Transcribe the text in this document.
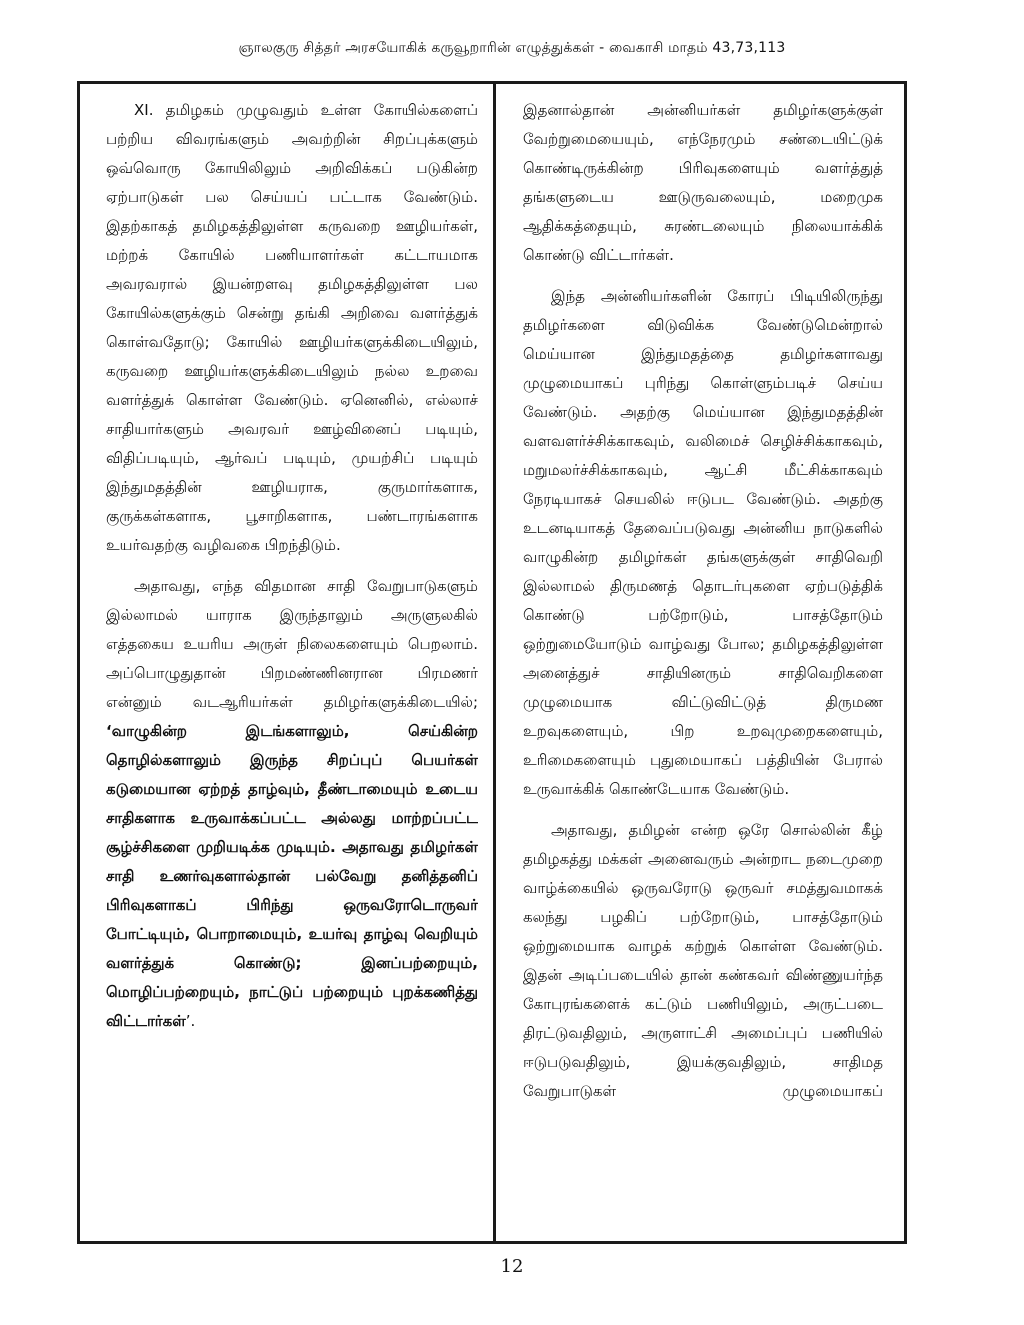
ஞாலகுரு சித்தர் அரசயோகிக் கருவூறாரின் எழுத்துக்கள் - வைகாசி மாதம் 43,73,113

XI. தமிழகம் முழுவதும் உள்ள கோயில்களைப் பற்றிய விவரங்களும் அவற்றின் சிறப்புக்களும் ஒவ்வொரு கோயிலிலும் அறிவிக்கப் படுகின்ற ஏற்பாடுகள் பல செய்யப் பட்டாக வேண்டும். இதற்காகத் தமிழகத்திலுள்ள கருவறை ஊழியர்கள், மற்றக் கோயில் பணியாளர்கள் கட்டாயமாக அவரவரால் இயன்றளவு தமிழகத்திலுள்ள பல கோயில்களுக்கும் சென்று தங்கி அறிவை வளர்த்துக் கொள்வதோடு; கோயில் ஊழியர்களுக்கிடையிலும், கருவறை ஊழியர்களுக்கிடையிலும் நல்ல உறவை வளர்த்துக் கொள்ள வேண்டும். ஏனெனில், எல்லாச் சாதியார்களும் அவரவர் ஊழ்வினைப் படியும், விதிப்படியும், ஆர்வப் படியும், முயற்சிப் படியும் இந்துமதத்தின் ஊழியராக, குருமார்களாக, குருக்கள்களாக, பூசாறிகளாக, பண்டாரங்களாக உயர்வதற்கு வழிவகை பிறந்திடும்.

அதாவது, எந்த விதமான சாதி வேறுபாடுகளும் இல்லாமல் யாராக இருந்தாலும் அருளுலகில் எத்தகைய உயரிய அருள் நிலைகளையும் பெறலாம். அப்பொழுதுதான் பிறமண்ணினரான பிரமணர் என்னும் வடஆரியர்கள் தமிழர்களுக்கிடையில்; ‘வாழுகின்ற இடங்களாலும், செய்கின்ற தொழில்களாலும் இருந்த சிறப்புப் பெயர்கள் கடுமையான ஏற்றத் தாழ்வும், தீண்டாமையும் உடைய சாதிகளாக உருவாக்கப்பட்ட அல்லது மாற்றப்பட்ட சூழ்ச்சிகளை முறியடிக்க முடியும். அதாவது தமிழர்கள் சாதி உணர்வுகளால்தான் பல்வேறு தனித்தனிப் பிரிவுகளாகப் பிரிந்து ஒருவரோடொருவர் போட்டியும், பொறாமையும், உயர்வு தாழ்வு வெறியும் வளர்த்துக் கொண்டு; இனப்பற்றையும், மொழிப்பற்றையும், நாட்டுப் பற்றையும் புறக்கணித்து விட்டார்கள்’.

இதனால்தான் அன்னியர்கள் தமிழர்களுக்குள் வேற்றுமையையும், எந்நேரமும் சண்டையிட்டுக் கொண்டிருக்கின்ற பிரிவுகளையும் வளர்த்துத் தங்களுடைய ஊடுருவலையும், மறைமுக ஆதிக்கத்தையும், சுரண்டலையும் நிலையாக்கிக் கொண்டு விட்டார்கள்.

இந்த அன்னியர்களின் கோரப் பிடியிலிருந்து தமிழர்களை விடுவிக்க வேண்டுமென்றால் மெய்யான இந்துமதத்தை தமிழர்களாவது முழுமையாகப் புரிந்து கொள்ளும்படிச் செய்ய வேண்டும். அதற்கு மெய்யான இந்துமதத்தின் வளவளர்ச்சிக்காகவும், வலிமைச் செழிச்சிக்காகவும், மறுமலர்ச்சிக்காகவும், ஆட்சி மீட்சிக்காகவும் நேரடியாகச் செயலில் ஈடுபட வேண்டும். அதற்கு உடனடியாகத் தேவைப்படுவது அன்னிய நாடுகளில் வாழுகின்ற தமிழர்கள் தங்களுக்குள் சாதிவெறி இல்லாமல் திருமணத் தொடர்புகளை ஏற்படுத்திக் கொண்டு பற்றோடும், பாசத்தோடும் ஒற்றுமையோடும் வாழ்வது போல; தமிழகத்திலுள்ள அனைத்துச் சாதியினரும் சாதிவெறிகளை முழுமையாக விட்டுவிட்டுத் திருமண உறவுகளையும், பிற உறவுமுறைகளையும், உரிமைகளையும் புதுமையாகப் பத்தியின் பேரால் உருவாக்கிக் கொண்டேயாக வேண்டும்.

அதாவது, தமிழன் என்ற ஒரே சொல்லின் கீழ் தமிழகத்து மக்கள் அனைவரும் அன்றாட நடைமுறை வாழ்க்கையில் ஒருவரோடு ஒருவர் சமத்துவமாகக் கலந்து பழகிப் பற்றோடும், பாசத்தோடும் ஒற்றுமையாக வாழக் கற்றுக் கொள்ள வேண்டும். இதன் அடிப்படையில் தான் கண்கவர் விண்ணுயர்ந்த கோபுரங்களைக் கட்டும் பணியிலும், அருட்படை திரட்டுவதிலும், அருளாட்சி அமைப்புப் பணியில் ஈடுபடுவதிலும், இயக்குவதிலும், சாதிமத வேறுபாடுகள் முழுமையாகப்

12
